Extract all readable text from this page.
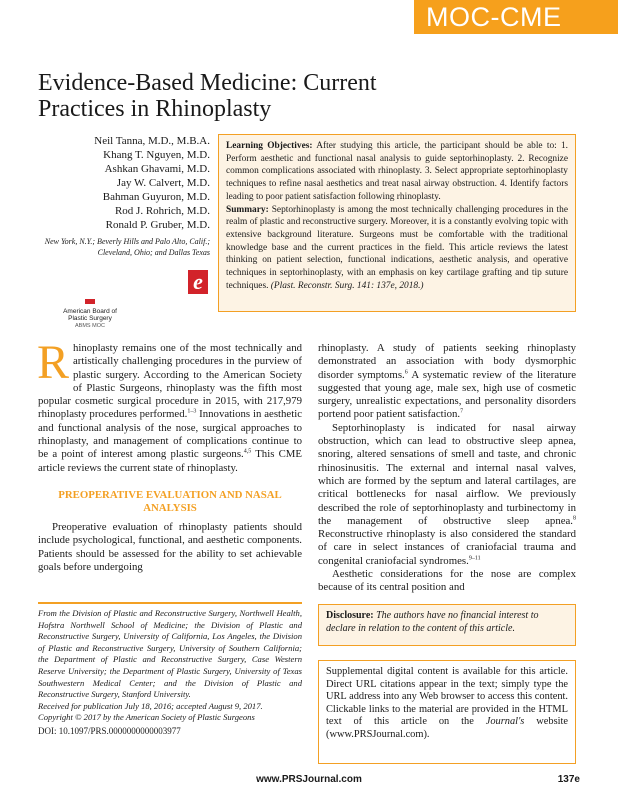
MOC-CME
Evidence-Based Medicine: Current Practices in Rhinoplasty
Neil Tanna, M.D., M.B.A.
Khang T. Nguyen, M.D.
Ashkan Ghavami, M.D.
Jay W. Calvert, M.D.
Bahman Guyuron, M.D.
Rod J. Rohrich, M.D.
Ronald P. Gruber, M.D.
New York, N.Y.; Beverly Hills and Palo Alto, Calif.; Cleveland, Ohio; and Dallas Texas

Learning Objectives: After studying this article, the participant should be able to: 1. Perform aesthetic and functional nasal analysis to guide septorhinoplasty. 2. Recognize common complications associated with rhinoplasty. 3. Select appropriate septorhinoplasty techniques to refine nasal aesthetics and treat nasal airway obstruction. 4. Identify factors leading to poor patient satisfaction following rhinoplasty.
Summary: Septorhinoplasty is among the most technically challenging procedures in the realm of plastic and reconstructive surgery. Moreover, it is a constantly evolving topic with extensive background literature. Surgeons must be comfortable with the traditional knowledge base and the current practices in the field. This article reviews the latest thinking on patient selection, functional indications, aesthetic analysis, and operative techniques in septorhinoplasty, with an emphasis on key cartilage grafting and tip suture techniques. (Plast. Reconstr. Surg. 141: 137e, 2018.)

e
American Board of
Plastic Surgery
ABMS MOC

Rhinoplasty remains one of the most technically and artistically challenging procedures in the purview of plastic surgery. According to the American Society of Plastic Surgeons, rhinoplasty was the fifth most popular cosmetic surgical procedure in 2015, with 217,979 rhinoplasty procedures performed.$^{1-3}$ Innovations in aesthetic and functional analysis of the nose, surgical approaches to rhinoplasty, and management of complications continue to be a point of interest among plastic surgeons.$^{4,5}$ This CME article reviews the current state of rhinoplasty.

PREOPERATIVE EVALUATION AND NASAL ANALYSIS

Preoperative evaluation of rhinoplasty patients should include psychological, functional, and aesthetic components. Patients should be assessed for the ability to set achievable goals before undergoing

rhinoplasty. A study of patients seeking rhinoplasty demonstrated an association with body dysmorphic disorder symptoms.$^6$ A systematic review of the literature suggested that young age, male sex, high use of cosmetic surgery, unrealistic expectations, and personality disorders portend poor patient satisfaction.$^7$

Septorhinoplasty is indicated for nasal airway obstruction, which can lead to obstructive sleep apnea, snoring, altered sensations of smell and taste, and chronic rhinosinusitis. The external and internal nasal valves, which are formed by the septum and lateral cartilages, are critical bottlenecks for nasal airflow. We previously described the role of septorhinoplasty and turbinectomy in the management of obstructive sleep apnea.$^8$ Reconstructive rhinoplasty is also considered the standard of care in select instances of craniofacial trauma and congenital craniofacial syndromes.$^{9-11}$

Aesthetic considerations for the nose are complex because of its central position and

From the Division of Plastic and Reconstructive Surgery, Northwell Health, Hofstra Northwell School of Medicine; the Division of Plastic and Reconstructive Surgery, University of California, Los Angeles, the Division of Plastic and Reconstructive Surgery, University of Southern California; the Department of Plastic and Reconstructive Surgery, Case Western Reserve University; the Department of Plastic Surgery, University of Texas Southwestern Medical Center; and the Division of Plastic and Reconstructive Surgery, Stanford University.

Received for publication July 18, 2016; accepted August 9, 2017.

Copyright © 2017 by the American Society of Plastic Surgeons

DOI: 10.1097/PRS.0000000000003977

Disclosure: The authors have no financial interest to declare in relation to the content of this article.
Supplemental digital content is available for this article. Direct URL citations appear in the text; simply type the URL address into any Web browser to access this content. Clickable links to the material are provided in the HTML text of this article on the Journal's website (www.PRSJournal.com).
www.PRSJournal.com	137e
